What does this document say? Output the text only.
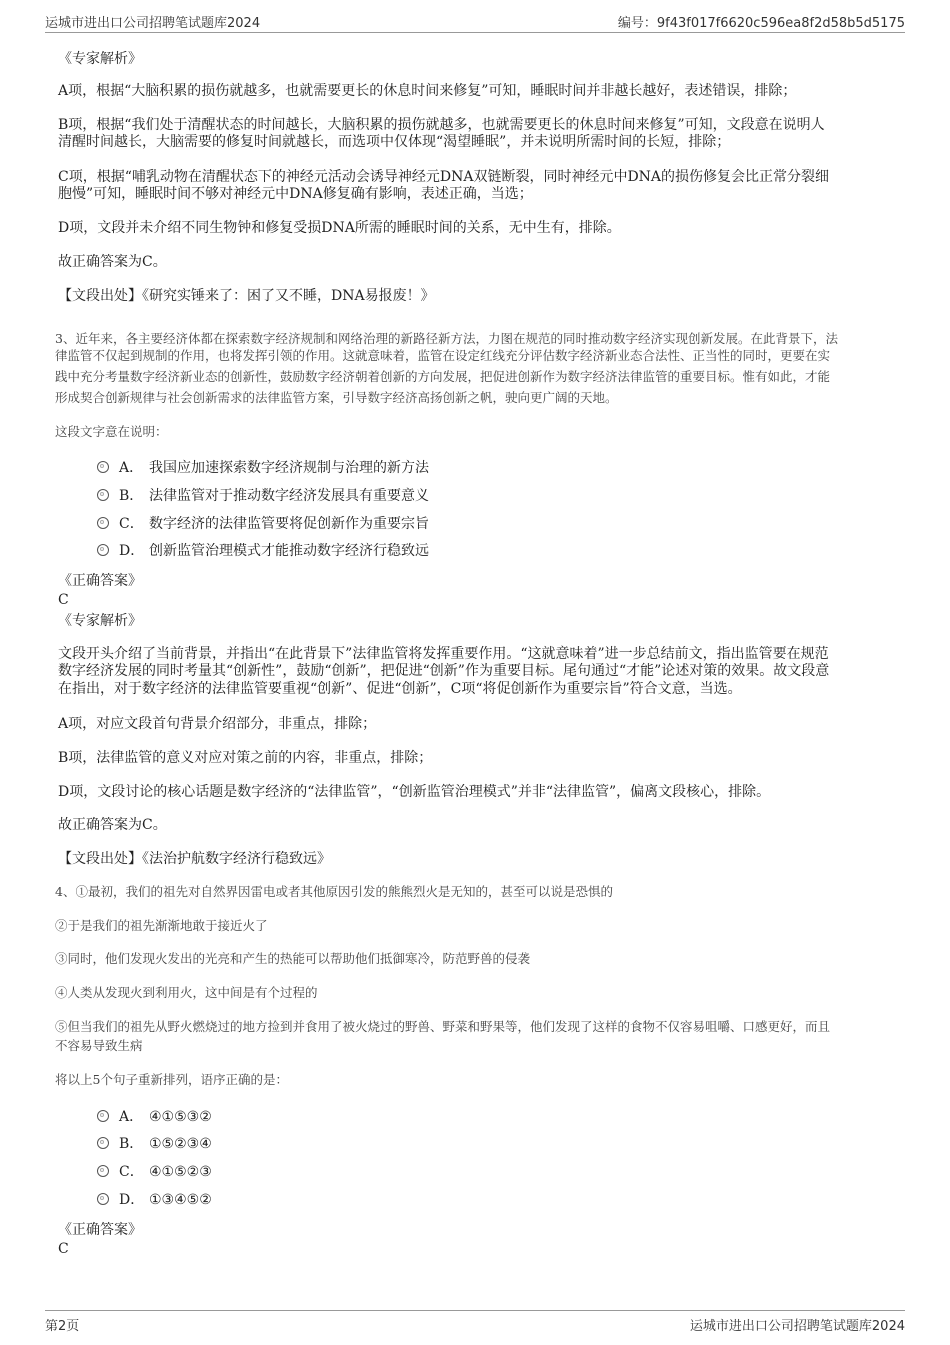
运城市进出口公司招聘笔试题库2024	编号：9f43f017f6620c596ea8f2d58b5d5175
《专家解析》
A项，根据“大脑积累的损伤就越多，也就需要更长的休息时间来修复”可知，睡眠时间并非越长越好，表述错误，排除；
B项，根据“我们处于清醒状态的时间越长，大脑积累的损伤就越多，也就需要更长的休息时间来修复”可知，文段意在说明人
清醒时间越长，大脑需要的修复时间就越长，而选项中仅体现“渴望睡眠”，并未说明所需时间的长短，排除；
C项，根据“哺乳动物在清醒状态下的神经元活动会诱导神经元DNA双链断裂，同时神经元中DNA的损伤修复会比正常分裂细
胞慢”可知，睡眠时间不够对神经元中DNA修复确有影响，表述正确，当选；
D项，文段并未介绍不同生物钟和修复受损DNA所需的睡眠时间的关系，无中生有，排除。
故正确答案为C。
【文段出处】《研究实锤来了：困了又不睡，DNA易报废！》
3、近年来，各主要经济体都在探索数字经济规制和网络治理的新路径新方法，力图在规范的同时推动数字经济实现创新发展。在此背景下，法
律监管不仅起到规制的作用，也将发挥引领的作用。这就意味着，监管在设定红线充分评估数字经济新业态合法性、正当性的同时，更要在实
践中充分考量数字经济新业态的创新性，鼓励数字经济朝着创新的方向发展，把促进创新作为数字经济法律监管的重要目标。惟有如此，才能
形成契合创新规律与社会创新需求的法律监管方案，引导数字经济高扬创新之帆，驶向更广阔的天地。
这段文字意在说明：
A． 我国应加速探索数字经济规制与治理的新方法
B． 法律监管对于推动数字经济发展具有重要意义
C． 数字经济的法律监管要将促创新作为重要宗旨
D． 创新监管治理模式才能推动数字经济行稳致远
《正确答案》
C
《专家解析》
文段开头介绍了当前背景，并指出“在此背景下”法律监管将发挥重要作用。“这就意味着”进一步总结前文，指出监管要在规范
数字经济发展的同时考量其“创新性”，鼓励“创新”，把促进“创新”作为重要目标。尾句通过“才能”论述对策的效果。故文段意
在指出，对于数字经济的法律监管要重视“创新”、促进“创新”，C项“将促创新作为重要宗旨”符合文意，当选。
A项，对应文段首句背景介绍部分，非重点，排除；
B项，法律监管的意义对应对策之前的内容，非重点，排除；
D项，文段讨论的核心话题是数字经济的“法律监管”，“创新监管治理模式”并非“法律监管”，偏离文段核心，排除。
故正确答案为C。
【文段出处】《法治护航数字经济行稳致远》
4、①最初，我们的祖先对自然界因雷电或者其他原因引发的熊熊烈火是无知的，甚至可以说是恐惧的
②于是我们的祖先渐渐地敢于接近火了
③同时，他们发现火发出的光亮和产生的热能可以帮助他们抵御寒冷，防范野兽的侵袭
④人类从发现火到利用火，这中间是有个过程的
⑤但当我们的祖先从野火燃烧过的地方捡到并食用了被火烧过的野兽、野菜和野果等，他们发现了这样的食物不仅容易咀嚼、口感更好，而且
不容易导致生病
将以上5个句子重新排列，语序正确的是：
A． ④①⑤③②
B． ①⑤②③④
C． ④①⑤②③
D． ①③④⑤②
《正确答案》
C
第2页	运城市进出口公司招聘笔试题库2024
